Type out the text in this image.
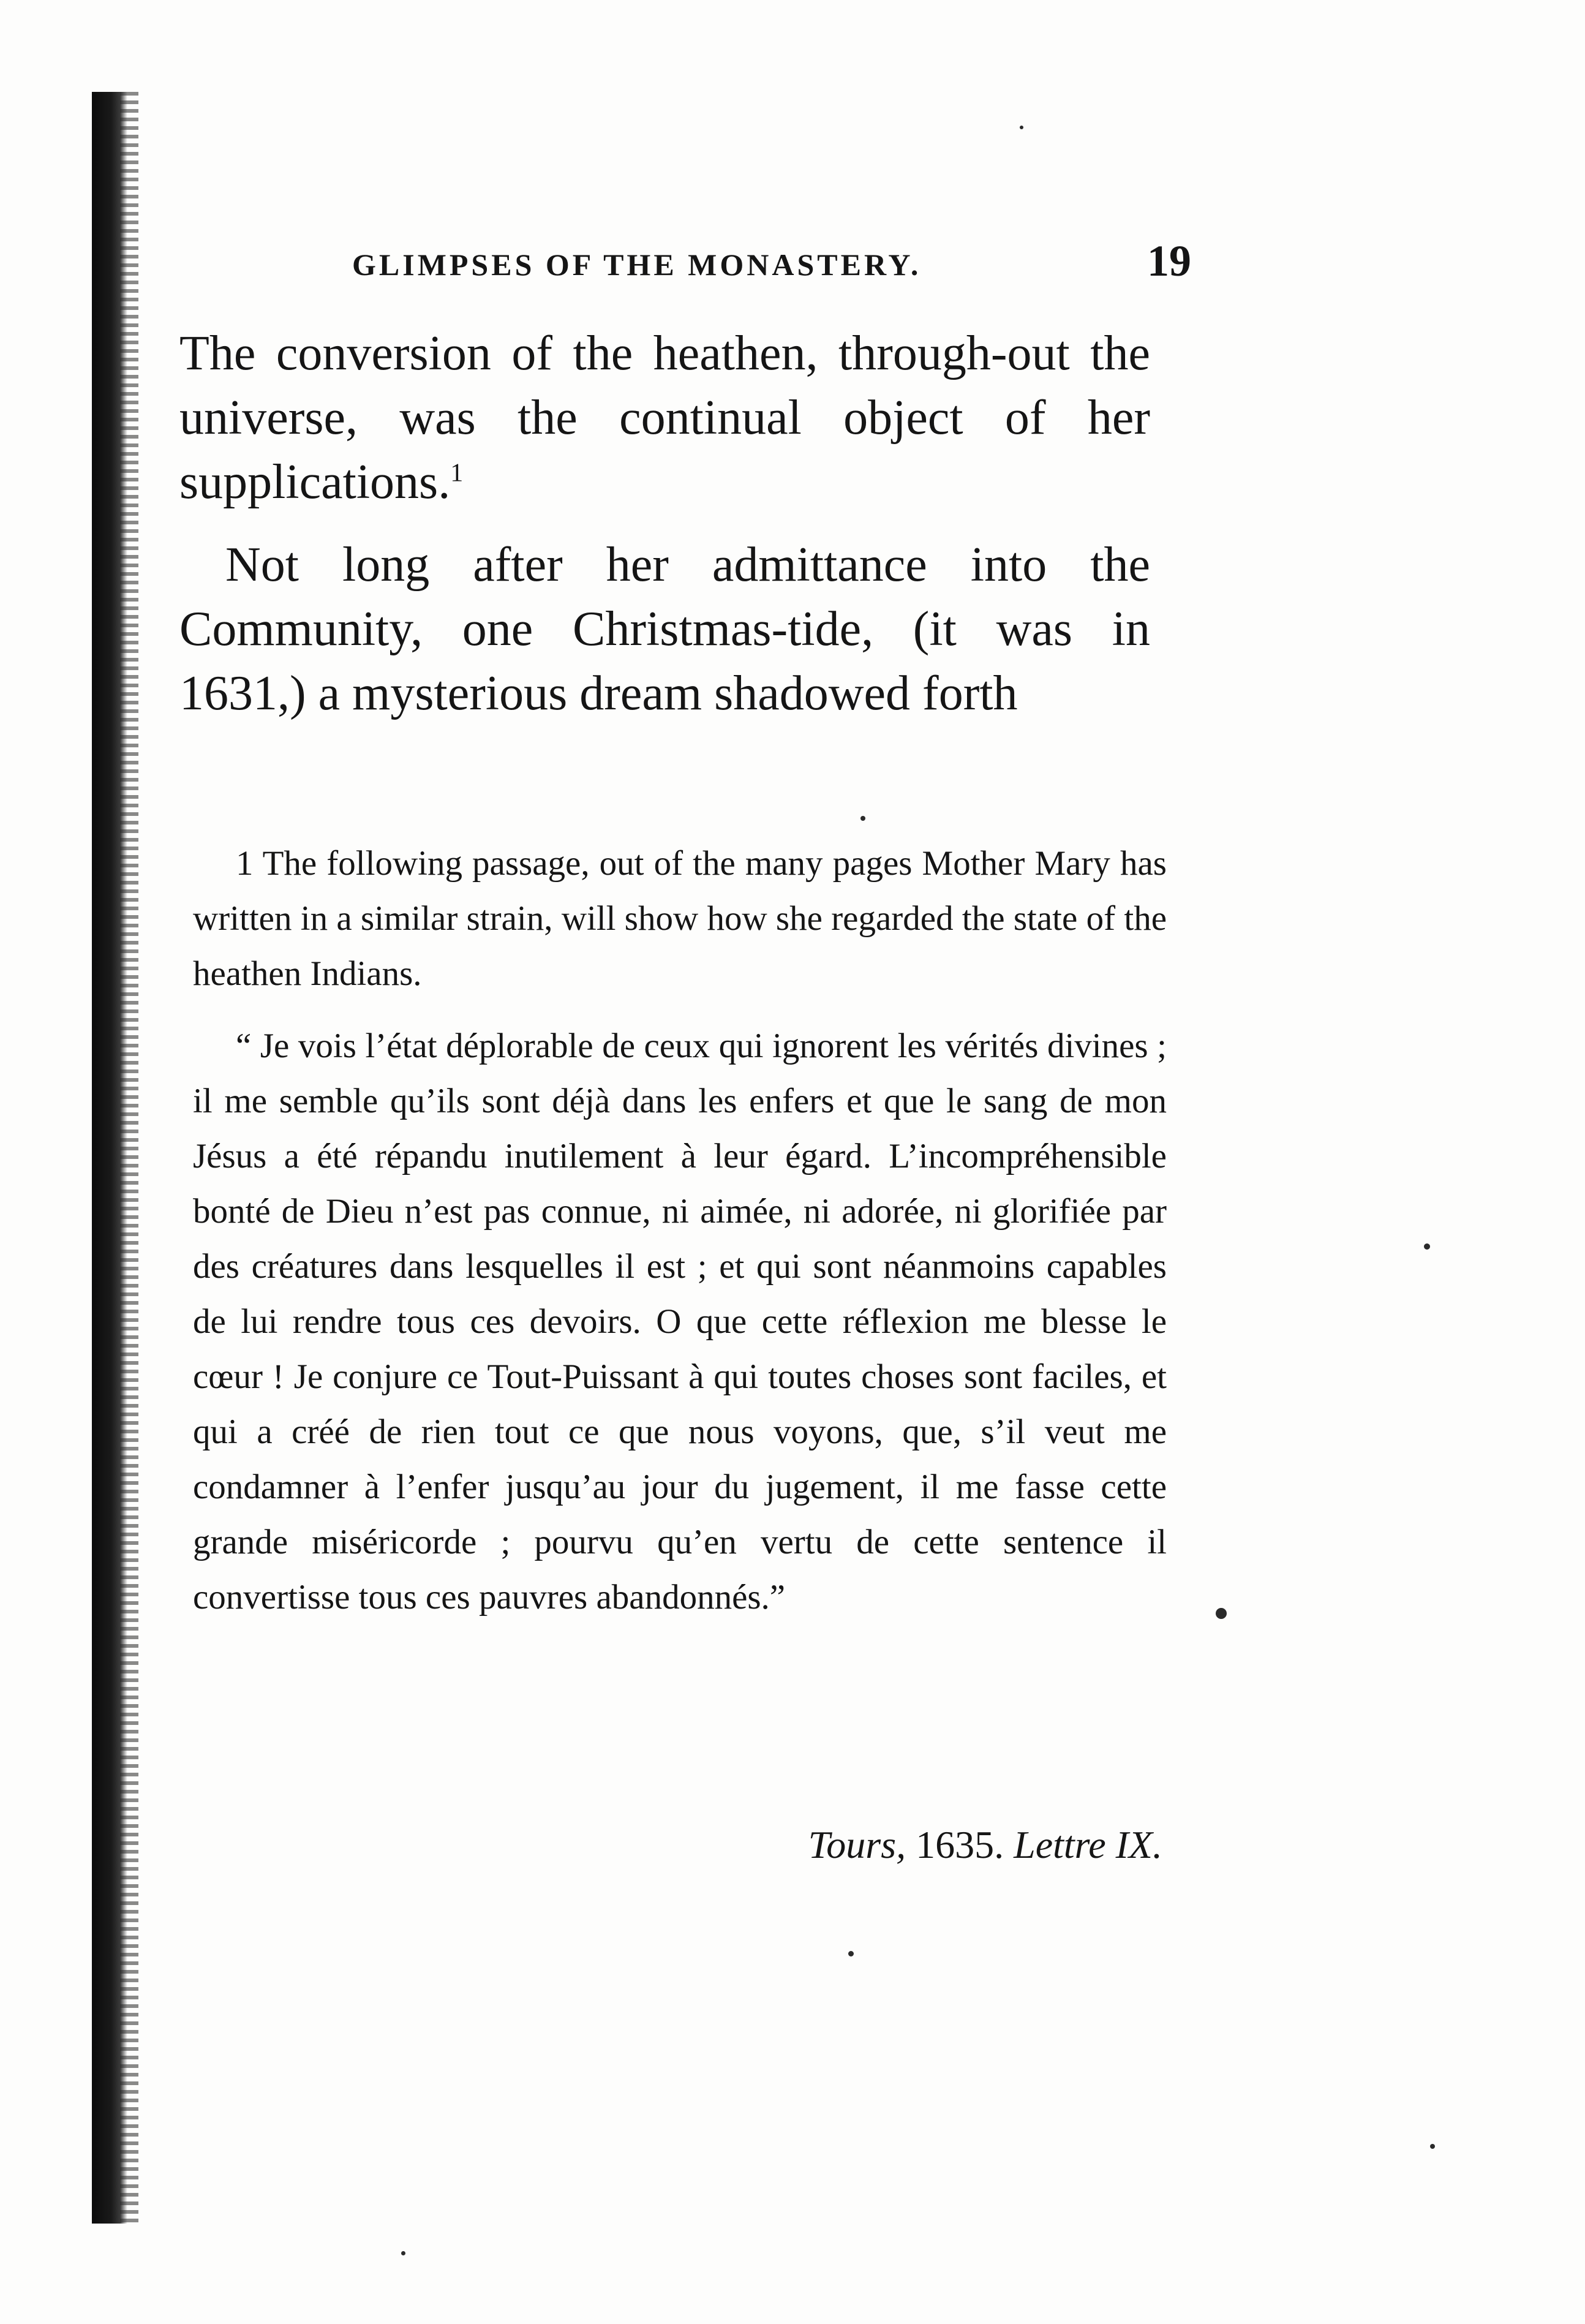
GLIMPSES OF THE MONASTERY.	19

The conversion of the heathen, through-out the universe, was the continual object of her supplications.$^1$

Not long after her admittance into the Community, one Christmas-tide, (it was in 1631,) a mysterious dream shadowed forth

1 The following passage, out of the many pages Mother Mary has written in a similar strain, will show how she regarded the state of the heathen Indians.

“ Je vois l’état déplorable de ceux qui ignorent les vérités divines ; il me semble qu’ils sont déjà dans les enfers et que le sang de mon Jésus a été répandu inutilement à leur égard. L’incompréhensible bonté de Dieu n’est pas connue, ni aimée, ni adorée, ni glorifiée par des créatures dans lesquelles il est ; et qui sont néanmoins capables de lui rendre tous ces devoirs. O que cette réflexion me blesse le cœur ! Je conjure ce Tout-Puissant à qui toutes choses sont faciles, et qui a créé de rien tout ce que nous voyons, que, s’il veut me condamner à l’enfer jusqu’au jour du jugement, il me fasse cette grande miséricorde ; pourvu qu’en vertu de cette sentence il convertisse tous ces pauvres abandonnés.”

Tours, 1635. Lettre IX.
